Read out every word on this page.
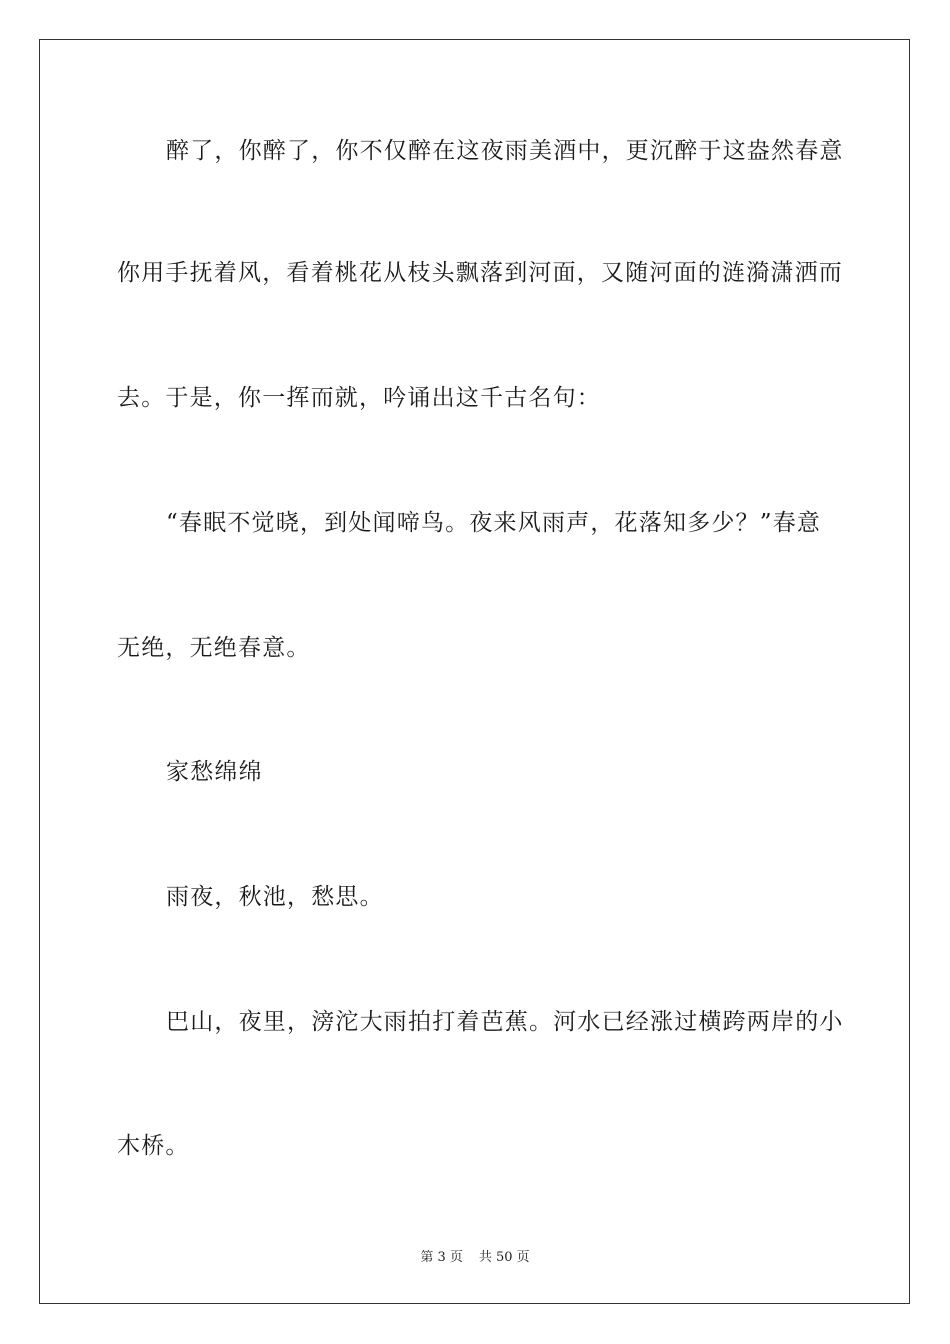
醉了，你醉了，你不仅醉在这夜雨美酒中，更沉醉于这盎然春意
你用手抚着风，看着桃花从枝头飘落到河面，又随河面的涟漪潇洒而
去。于是，你一挥而就，吟诵出这千古名句：
“春眠不觉晓，到处闻啼鸟。夜来风雨声，花落知多少？”春意
无绝，无绝春意。
家愁绵绵
雨夜，秋池，愁思。
巴山，夜里，滂沱大雨拍打着芭蕉。河水已经涨过横跨两岸的小
木桥。
第 3 页 共 50 页
